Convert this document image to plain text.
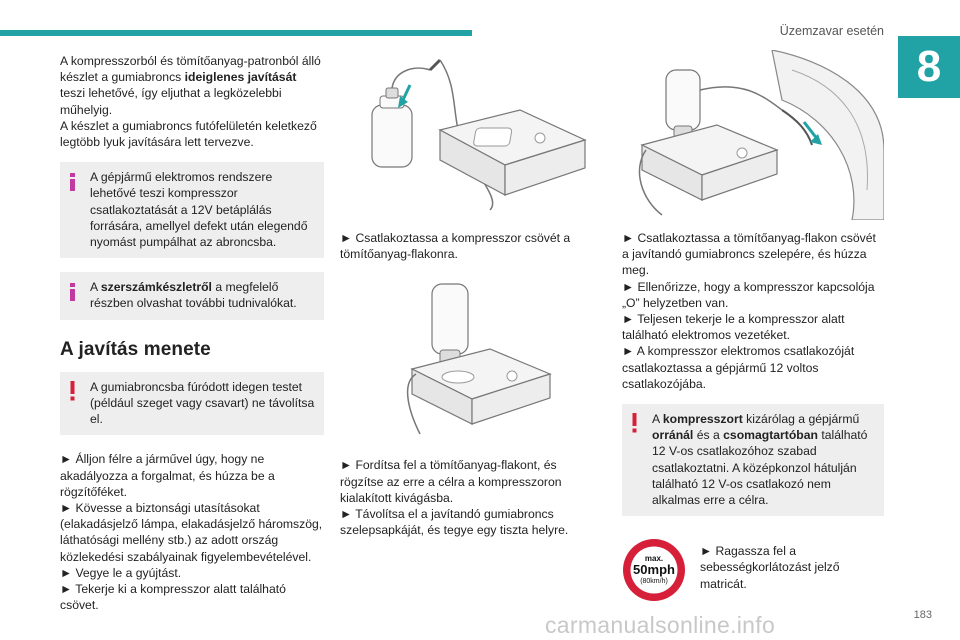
Üzemzavar esetén
8

A kompresszorból és tömítőanyag-patronból álló készlet a gumiabroncs ideiglenes javítását teszi lehetővé, így eljuthat a legközelebbi műhelyig.

A készlet a gumiabroncs futófelületén keletkező legtöbb lyuk javítására lett tervezve.

A gépjármű elektromos rendszere

lehetővé teszi kompresszor csatlakoztatását a 12V betáplálás forrására, amellyel defekt után elegendő nyomást pumpálhat az abroncsba.

A szerszámkészletről a megfelelő

részben olvashat további tudnivalókat.

A javítás menete

A gumiabroncsba fúródott idegen testet

(például szeget vagy csavart) ne távolítsa el.

► Álljon félre a járművel úgy, hogy ne akadályozza a forgalmat, és húzza be a rögzítőféket.

► Kövesse a biztonsági utasításokat (elakadásjelző lámpa, elakadásjelző háromszög, láthatósági mellény stb.) az adott ország közlekedési szabályainak figyelembevételével.

► Vegye le a gyújtást.

► Tekerje ki a kompresszor alatt található csövet.

► Csatlakoztassa a kompresszor csövét a tömítőanyag-flakonra.

► Fordítsa fel a tömítőanyag-flakont, és rögzítse az erre a célra a kompresszoron kialakított kivágásba.

► Távolítsa el a javítandó gumiabroncs szelepsapkáját, és tegye egy tiszta helyre.

► Csatlakoztassa a tömítőanyag-flakon csövét a javítandó gumiabroncs szelepére, és húzza meg.

► Ellenőrizze, hogy a kompresszor kapcsolója „O” helyzetben van.

► Teljesen tekerje le a kompresszor alatt található elektromos vezetéket.

► A kompresszor elektromos csatlakozóját csatlakoztassa a gépjármű 12 voltos csatlakozójába.

A kompresszort kizárólag a gépjármű orránál és a csomagtartóban található 12 V-os csatlakozóhoz szabad csatlakoztatni. A középkonzol hátulján található 12 V-os csatlakozó nem alkalmas erre a célra.

max.
50mph
(80km/h)

► Ragassza fel a sebességkorlátozást jelző matricát.

carmanualsonline.info	183
